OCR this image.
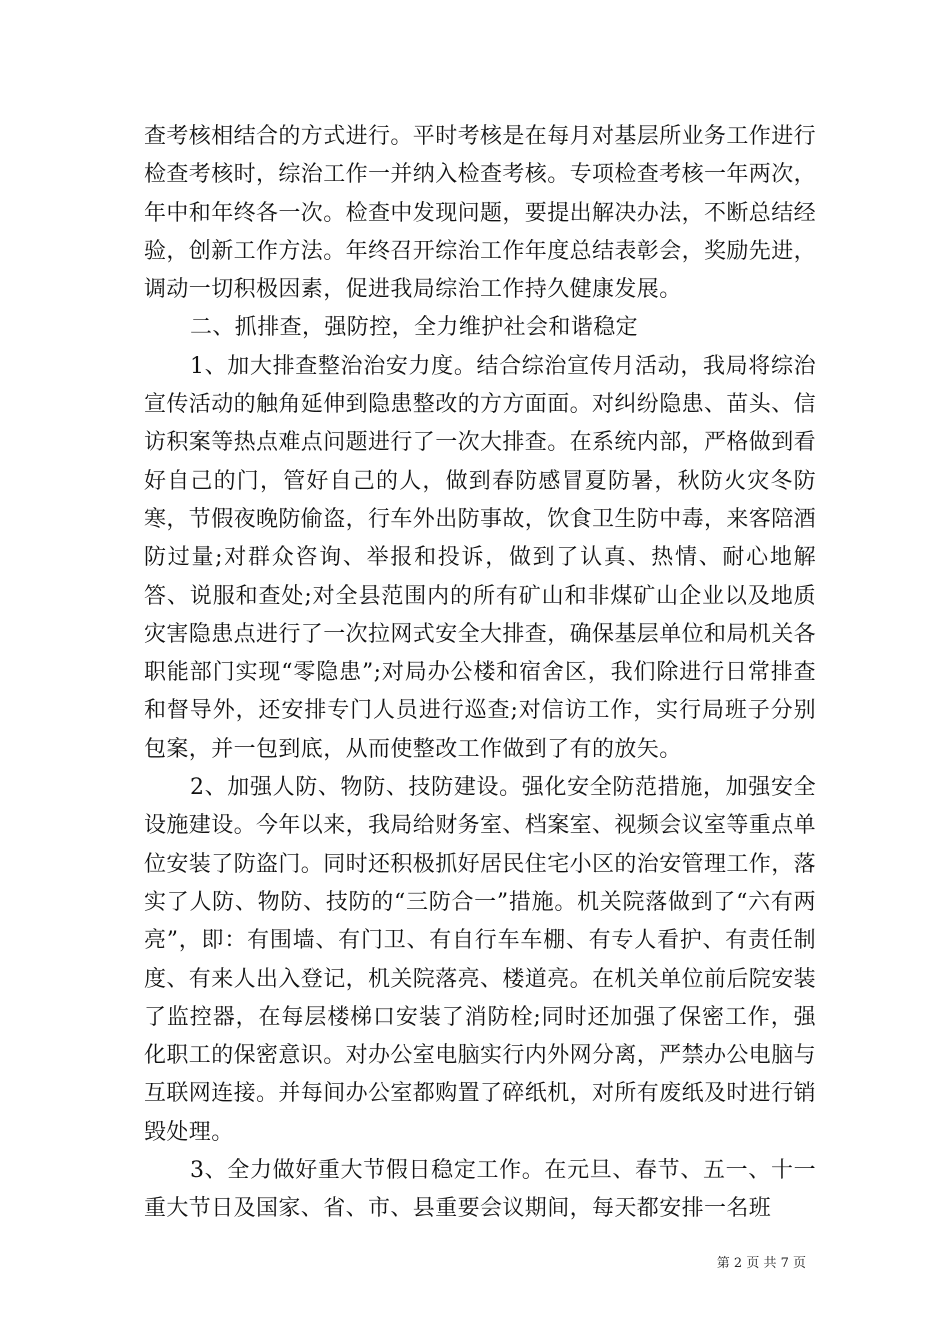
查考核相结合的方式进行。平时考核是在每月对基层所业务工作进行检查考核时，综治工作一并纳入检查考核。专项检查考核一年两次，年中和年终各一次。检查中发现问题，要提出解决办法，不断总结经验，创新工作方法。年终召开综治工作年度总结表彰会，奖励先进，调动一切积极因素，促进我局综治工作持久健康发展。

二、抓排查，强防控，全力维护社会和谐稳定

1、加大排查整治治安力度。结合综治宣传月活动，我局将综治宣传活动的触角延伸到隐患整改的方方面面。对纠纷隐患、苗头、信访积案等热点难点问题进行了一次大排查。在系统内部，严格做到看好自己的门，管好自己的人，做到春防感冒夏防暑，秋防火灾冬防寒，节假夜晚防偷盗，行车外出防事故，饮食卫生防中毒，来客陪酒防过量;对群众咨询、举报和投诉，做到了认真、热情、耐心地解答、说服和查处;对全县范围内的所有矿山和非煤矿山企业以及地质灾害隐患点进行了一次拉网式安全大排查，确保基层单位和局机关各职能部门实现“零隐患”;对局办公楼和宿舍区，我们除进行日常排查和督导外，还安排专门人员进行巡查;对信访工作，实行局班子分别包案，并一包到底，从而使整改工作做到了有的放矢。

2、加强人防、物防、技防建设。强化安全防范措施，加强安全设施建设。今年以来，我局给财务室、档案室、视频会议室等重点单位安装了防盗门。同时还积极抓好居民住宅小区的治安管理工作，落实了人防、物防、技防的“三防合一”措施。机关院落做到了“六有两亮”，即：有围墙、有门卫、有自行车车棚、有专人看护、有责任制度、有来人出入登记，机关院落亮、楼道亮。在机关单位前后院安装了监控器，在每层楼梯口安装了消防栓;同时还加强了保密工作，强化职工的保密意识。对办公室电脑实行内外网分离，严禁办公电脑与互联网连接。并每间办公室都购置了碎纸机，对所有废纸及时进行销毁处理。

3、全力做好重大节假日稳定工作。在元旦、春节、五一、十一重大节日及国家、省、市、县重要会议期间，每天都安排一名班

第 2 页 共 7 页
